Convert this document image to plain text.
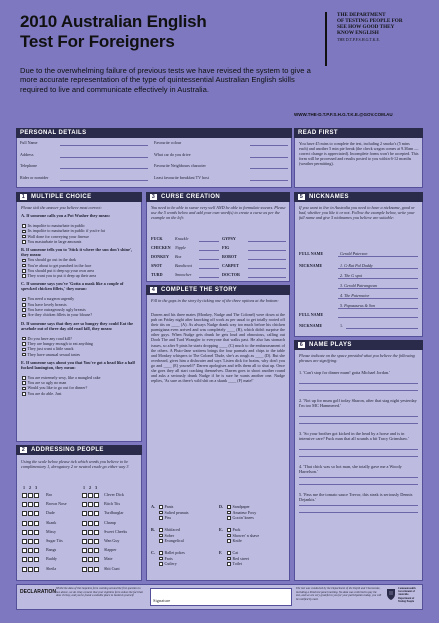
2010 Australian English
Test For Foreigners
THE DEPARTMENT
OF TESTING PEOPLE FOR
SEE HOW GOOD THEY
KNOW ENGLISH
THE D.T.P.F.S.H.G.T.K.E.
Due to the overwhelming failure of previous tests we have revised the system to give a more accurate representation of the type of quintessential Australian English skills required to live and communicate effectively in Australia.
WWW.THE-D.T.P.F.S.H.G.T.K.E.@GOV.COM.AU
PERSONAL DETAILS	READ FIRST
You have 45 mins to complete the test, including 2 smoko's (5 mins each) and another 5 min pie break (the check wagon comes at 9.30am — correct change is appreciated). Incomplete forms won't be accepted. This form will be processed and results posted to you within 6-12 months (weather permitting).
1 MULTIPLE CHOICE
Please tick the answer you believe most correct:
2 ADDRESSING PEOPLE
Using the scale below please tick which words you believe to be complimentary 1, derogatory 2 or neutral crude go either way 3
3 CURSE CREATION
You need to be able to swear very well AND be able to formulate swears. Please use the 5 words below and add your own word(s) to create a curse as per the example on the left:
4 COMPLETE THE STORY
Fill in the gaps in the story by ticking one of the three options at the bottom:
Darren and his three mates (Monkey, Nudge and The Colonel) were down at the pub on Friday night after knocking off work as per usual to get totally rooted off their tits on ____ (A). As always Nudge drank way too much before his chicken parmigiana even arrived and was completely ____ (B), which didn't surprise the other guys. When Nudge gets drunk he gets loud and obnoxious, calling out Dooh The and Turd Wrangler to everyone that walks past. He also has stomach issues, so after 9 pints he starts dropping ____ (C) much to the embarrassment of the others. A Pluto-Jane waitress brings the four parmals and chips to the table and Monkey whispers to The Colonel 'Dude, she's as rough as ____ (D). But she overheard, gives him a dishwater and says 'Listen dick for brains, why don't you go and ____ (E) yourself?' Darren apologises and tells them all to shut up. Once she goes they all start cracking themselves. Darren goes to shoot another round and asks a seriously drunk Nudge if he is sure he wants another one. Nudge replies, 'As sure as there's wild shit on a skunk ____ (F) mate!'
5 NICKNAMES
If you want to live in Australia you need to have a nickname, good or bad, whether you like it or not. Follow the example below, write your full name and give 5 nicknames you believe are suitable:
6 NAME PLAYS
Please indicate on the space provided what you believe the following phrases are signifying:
DECLARATION
Whilst the data of this hopeless form working around the first question to two above, we do relay consent that your sightless form values the fact that does chrissy, and you've found a suitable place to backrub yourself.
Signature
The test was conducted by the Department of the Depth and Cheesecake, including a blind test panel meeting. No data was collected to pay the test, and we are very grateful to you for your participation today, you will be notified by mail.
Commonwealth Government of Australia Department of Testing People
Full Name
Address
Telephone
Rider or nonrider
Favourite colour
What car do you drive
Favourite Neighbours character
Least favourite breakfast TV host
A. If someone calls you a Pot Washer they mean:
Its impolite to masturbate in public
Its impolite to masturbate in public if you're fat
Wall done for conveying your finesse
You masturbate in large amounts
B. If someone tells you to 'Stick it where the sun don't shine', they mean:
You should go out in the dark
You're about to get punched in the face
You should put it deep up your own area
They want you to put it deep up their area
C. If someone says you've 'Gotta a mask like a couple of spewked chicken fillets,' they mean:
You need a surgeon urgently
You have lovely breasts
You have outrageously ugly breasts
Are they chicken fillets in your blouse?
D. If someone says that they are so hungry they could Eat the arsehole out of three day old road kill, they mean:
Do you have any road kill?
They are hungry enough to eat anything
They just want a little snack
They have unusual sexual tastes
E. If someone says about you that You've got a head like a half fucked lamington, they mean:
You are extremely sexy, like a mangled cake
You are so ugly no man
Would you like to go out for dinner?
You are do able. Just
1	1
2	2
3	3
Bro
Brown Nose
Dude
Skank
Missy
Sugar Tits
Bangs
Buddy
Sheila
Clever Dick
Bitch Tits
Turdburglar
Champ
Sweet Cheeks
Wan Guy
Slapper
Mate
Shit Cunt
FUCK	Knuckle	GYPSY
CHICKEN Nipple	FIG
DONKEY Box	ROBOT
SNOT	Bandicoot	CARPET
TURD	Smoocher	DOCTOR
A.	Pants
Sulted peanuts
Piss
D.	Sandpaper
Amateur Foxy
Gooin' knees
B.	Shitfaced
Sober
Evangelical
E.	Pack
Shower' n shave
Knife
C.	Ballet pokes
Farts
Cutlery
F.	Cat
Red street
Toilet
FULL NAME	Gerald Paterson
NICKNAME	1. G-Rat Pal Daddy
2. The G spot
3. Gerald Patrangwan
4. The Paternator
5. Papasaurus & Son
FULL NAME
NICKNAME	1.
1. 'Can't stop for dinner mum! gotta Michael Jordan.'
2. 'Not up for mum golf today Sharon, after that stag night yesterday I'm too MC Hammered.'
3. 'So your brother got kicked in the head by a horse and is in intensive care? Fuck man that all sounds a bit Tracy Grimshaw.'
4. 'That chick was so hot man, she totally gave me a Woody Harrelson.'
5. 'Pass me the tomato sauce Trevor, this steak is seriously Dennis Dejankis.'
